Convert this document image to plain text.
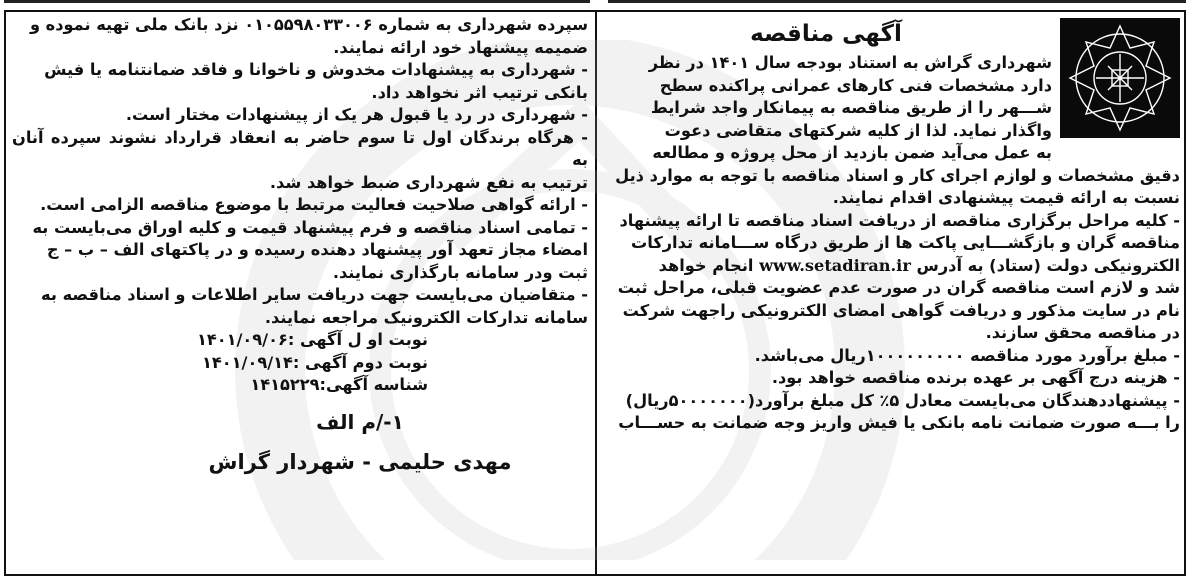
آگهی مناقصه

شهرداری گراش به استناد بودجه سال ۱۴۰۱ در نظر

دارد مشخصات فنی کارهای عمرانی پراکنده سطح

شـــهر را از طریق مناقصه به پیمانکار واجد شرایط

واگذار نماید. لذا از کلیه شرکتهای متقاضی دعوت

به عمل می‌آید ضمن بازدید از محل پروژه و مطالعه

دقیق مشخصات و لوازم اجرای کار و اسناد مناقصه با توجه به موارد ذیل

نسبت به ارائه قیمت پیشنهادی اقدام نمایند.

- کلیه مراحل برگزاری مناقصه از دریافت اسناد مناقصه تا ارائه پیشنهاد

مناقصه گران و بازگشـــایی پاکت ها از طریق درگاه ســـامانه تدارکات

الکترونیکی دولت (ستاد) به آدرس www.setadiran.ir انجام خواهد

شد و لازم است مناقصه گران در صورت عدم عضویت قبلی، مراحل ثبت

نام در سایت مذکور و دریافت گواهی امضای الکترونیکی راجهت شرکت

در مناقصه محقق سازند.

- مبلغ برآورد مورد مناقصه ۱۰۰۰۰۰۰۰۰۰ریال می‌باشد.

- هزینه درج آگهی بر عهده برنده مناقصه خواهد بود.

- پیشنهاددهندگان می‌بایست معادل ۵٪ کل مبلغ برآورد(۵۰۰۰۰۰۰۰ریال)

را بـــه صورت ضمانت نامه بانکی یا فیش واریز وجه ضمانت به حســـاب

سپرده شهرداری به شماره ۰۱۰۵۵۹۸۰۳۳۰۰۶ نزد بانک ملی تهیه نموده و

ضمیمه پیشنهاد خود ارائه نمایند.

- شهرداری به پیشنهادات مخدوش و ناخوانا و فاقد ضمانتنامه یا فیش

بانکی ترتیب اثر نخواهد داد.

- شهرداری در رد یا قبول هر یک از پیشنهادات مختار است.

- هرگاه برندگان اول تا سوم حاضر به انعقاد قرارداد نشوند سپرده آنان به

ترتیب به نفع شهرداری ضبط خواهد شد.

- ارائه گواهی صلاحیت فعالیت مرتبط با موضوع مناقصه الزامی است.

- تمامی اسناد مناقصه و فرم پیشنهاد قیمت و کلیه اوراق می‌بایست به

امضاء مجاز تعهد آور پیشنهاد دهنده رسیده و در پاکتهای الف – ب – ج

ثبت ودر سامانه بارگذاری نمایند.

- متقاضیان می‌بایست جهت دریافت سایر اطلاعات و اسناد مناقصه به

سامانه تدارکات الکترونیک مراجعه نمایند.

نوبت او ل آگهی :۱۴۰۱/۰۹/۰۶

نوبت دوم آگهی :۱۴۰۱/۰۹/۱۴

شناسه آگهی:۱۴۱۵۲۲۹

۱-/م الف

مهدی حلیمی - شهردار گراش
